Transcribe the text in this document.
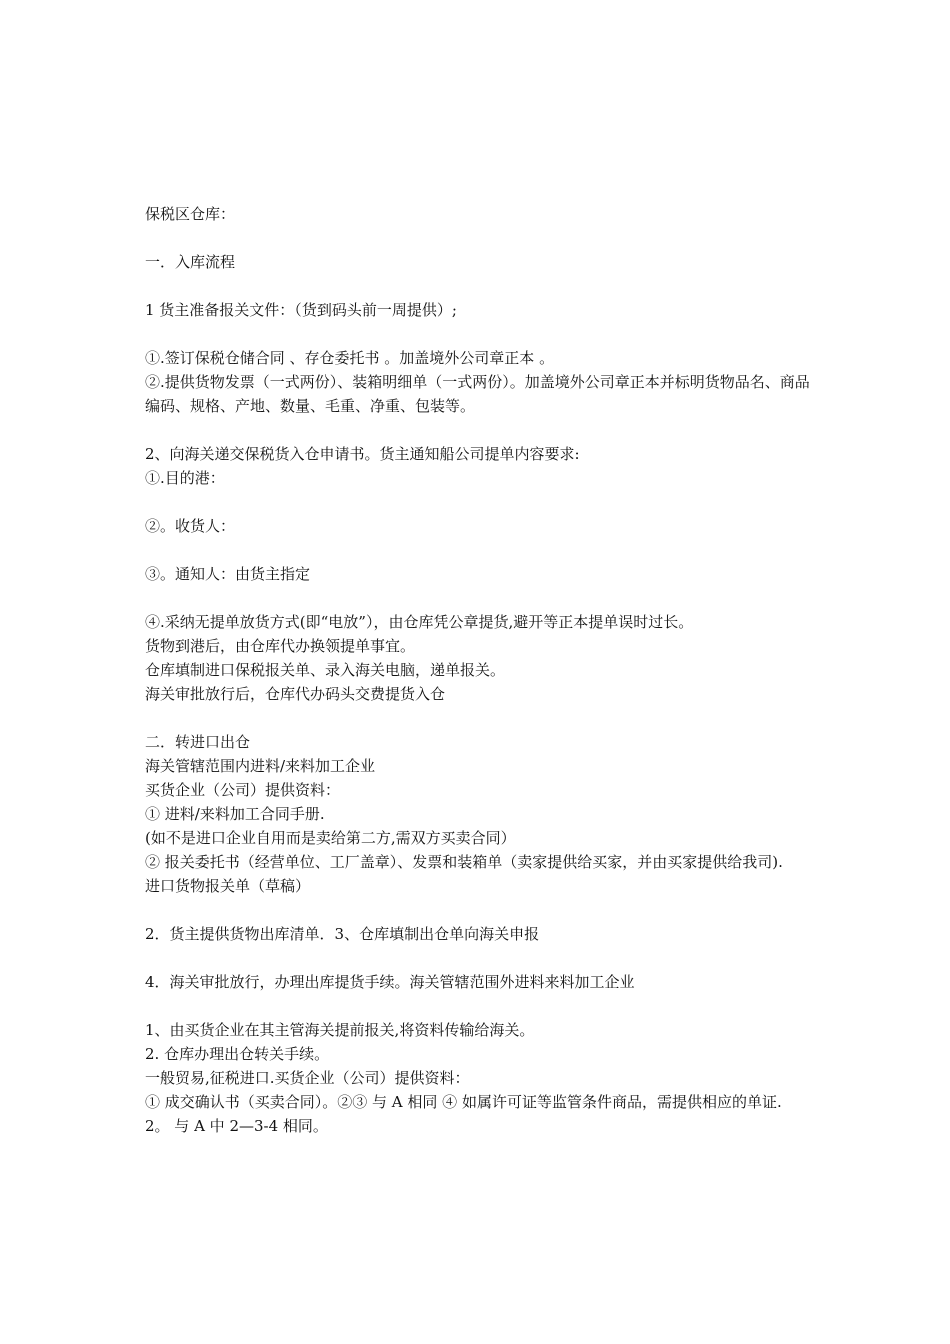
保税区仓库：
一．入库流程
1 货主准备报关文件：（货到码头前一周提供）;
①.签订保税仓储合同 、存仓委托书 。加盖境外公司章正本 。
②.提供货物发票（一式两份）、装箱明细单（一式两份）。加盖境外公司章正本并标明货物品名、商品编码、规格、产地、数量、毛重、净重、包装等。
2、向海关递交保税货入仓申请书。货主通知船公司提单内容要求:
①.目的港：
②。收货人：
③。通知人：由货主指定
④.采纳无提单放货方式(即“电放”），由仓库凭公章提货,避开等正本提单误时过长。
货物到港后，由仓库代办换领提单事宜。
仓库填制进口保税报关单、录入海关电脑，递单报关。
海关审批放行后，仓库代办码头交费提货入仓
二．转进口出仓
海关管辖范围内进料/来料加工企业
买货企业（公司）提供资料：
① 进料/来料加工合同手册.
(如不是进口企业自用而是卖给第二方,需双方买卖合同）
② 报关委托书（经营单位、工厂盖章）、发票和装箱单（卖家提供给买家，并由买家提供给我司).
进口货物报关单（草稿）
2．货主提供货物出库清单．3、仓库填制出仓单向海关申报
4．海关审批放行，办理出库提货手续。海关管辖范围外进料来料加工企业
1、由买货企业在其主管海关提前报关,将资料传输给海关。
2. 仓库办理出仓转关手续。
一般贸易,征税进口.买货企业（公司）提供资料：
① 成交确认书（买卖合同）。②③ 与 A 相同 ④ 如属许可证等监管条件商品，需提供相应的单证.
2。 与 A 中 2—3-4 相同。
